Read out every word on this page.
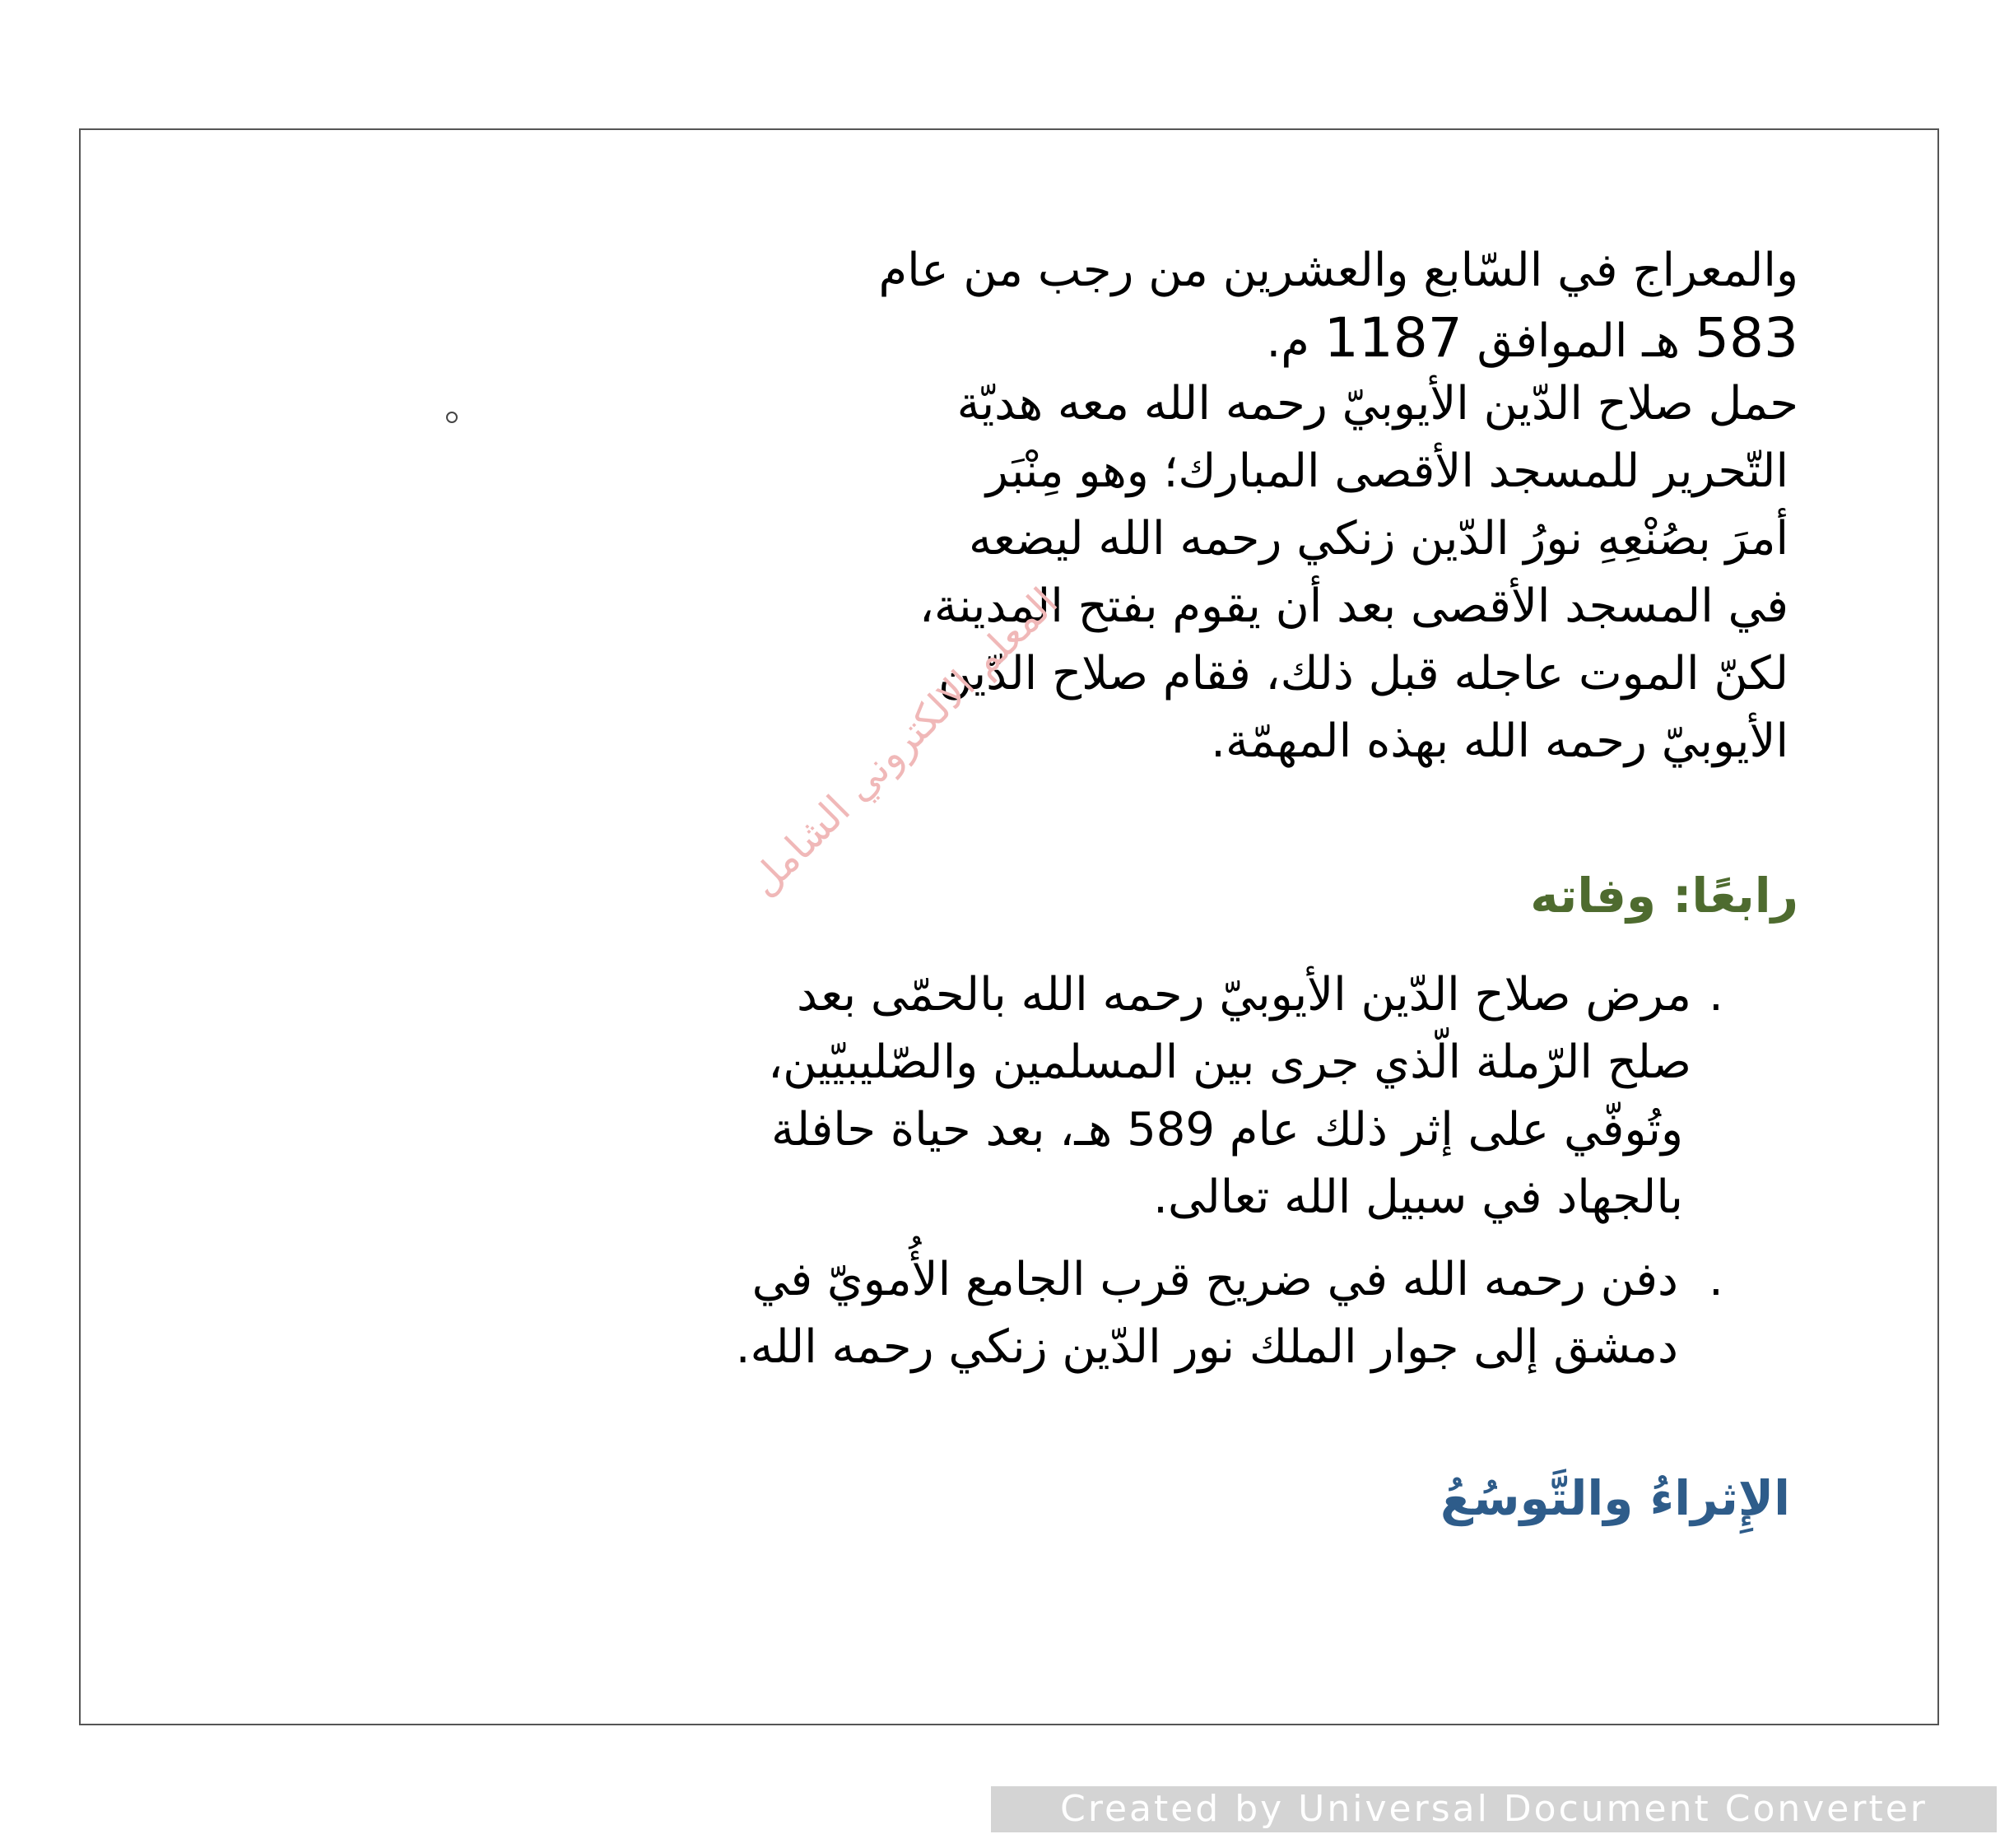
والمعراج في السّابع والعشرين من رجب من عام
583 هـ الموافق 1187 م.
حمل صلاح الدّين الأيوبيّ رحمه الله معه هديّة
التّحرير للمسجد الأقصى المبارك؛ وهو مِنْبَر
أمرَ بصُنْعِهِ نورُ الدّين زنكي رحمه الله ليضعه
في المسجد الأقصى بعد أن يقوم بفتح المدينة،
لكنّ الموت عاجله قبل ذلك، فقام صلاح الدّين
الأيوبيّ رحمه الله بهذه المهمّة.
المعلم الالكتروني الشامل	رابعًا: وفاته
.
مرض صلاح الدّين الأيوبيّ رحمه الله بالحمّى بعد
صلح الرّملة الّذي جرى بين المسلمين والصّليبيّين،
وتُوفّي على إثر ذلك عام 589 هـ، بعد حياة حافلة
بالجهاد في سبيل الله تعالى.
.
دفن رحمه الله في ضريح قرب الجامع الأُمويّ في
دمشق إلى جوار الملك نور الدّين زنكي رحمه الله.
الإِثراءُ والتَّوسُعُ
Created by Universal Document Converter
